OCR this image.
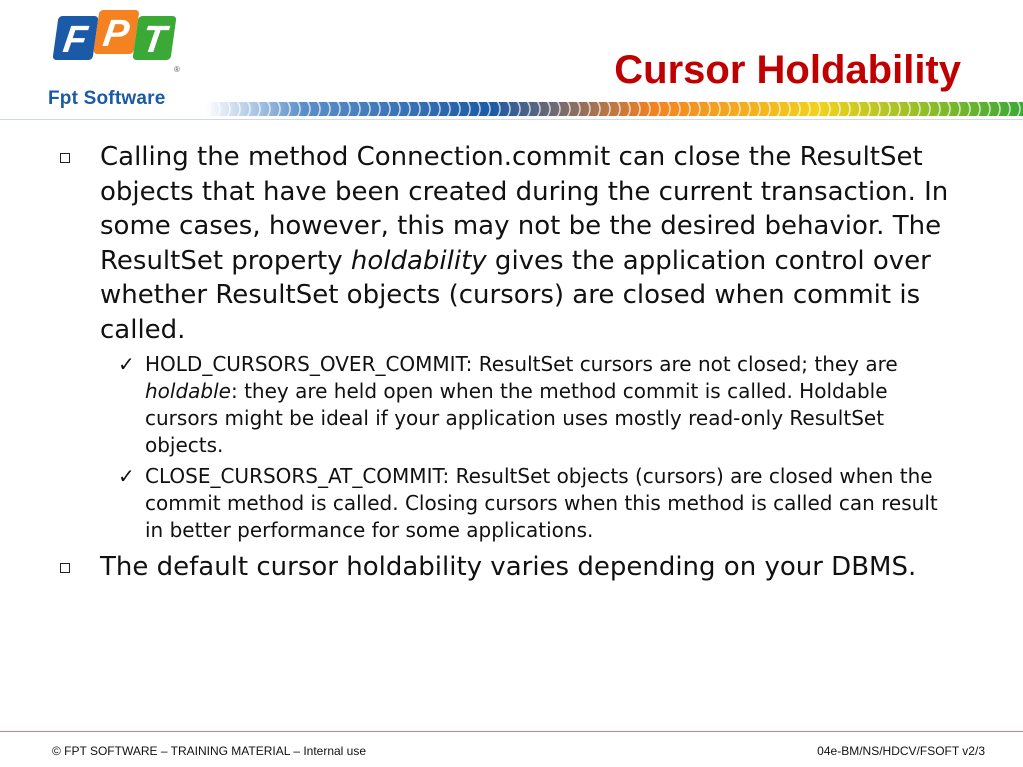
F P T
®
Fpt Software
Cursor Holdability
Calling the method Connection.commit can close the ResultSet objects that have been created during the current transaction. In some cases, however, this may not be the desired behavior. The ResultSet property holdability gives the application control over whether ResultSet objects (cursors) are closed when commit is called.
✓ HOLD_CURSORS_OVER_COMMIT: ResultSet cursors are not closed; they are holdable: they are held open when the method commit is called. Holdable cursors might be ideal if your application uses mostly read-only ResultSet objects.
✓ CLOSE_CURSORS_AT_COMMIT: ResultSet objects (cursors) are closed when the commit method is called. Closing cursors when this method is called can result in better performance for some applications.
The default cursor holdability varies depending on your DBMS.
© FPT SOFTWARE – TRAINING MATERIAL – Internal use	04e-BM/NS/HDCV/FSOFT v2/3
